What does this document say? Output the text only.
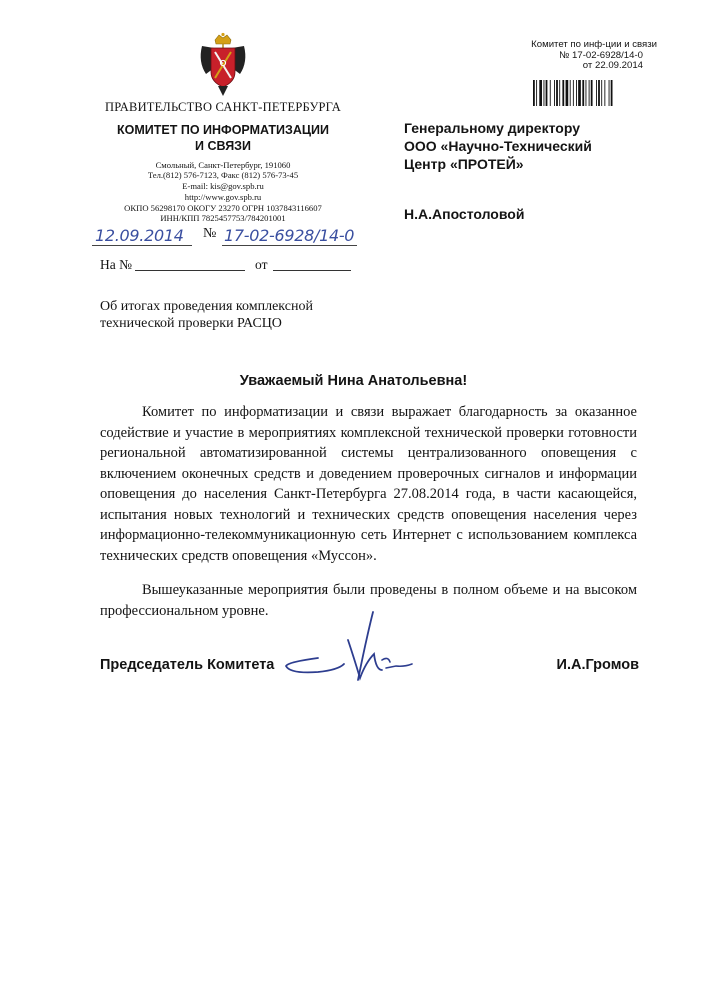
ПРАВИТЕЛЬСТВО САНКТ-ПЕТЕРБУРГА
КОМИТЕТ ПО ИНФОРМАТИЗАЦИИ
И СВЯЗИ
Смольный, Санкт-Петербург, 191060
Тел.(812) 576-7123, Факс (812) 576-73-45
E-mail: kis@gov.spb.ru
http://www.gov.spb.ru
ОКПО 56298170 ОКОГУ 23270 ОГРН 1037843116607
ИНН/КПП 7825457753/784201001
12.09.2014 № 17-02-6928/14-0
На №	от
Об итогах проведения комплексной
технической проверки РАСЦО
Комитет по инф-ции и связи
№ 17-02-6928/14-0
от 22.09.2014
Генеральному директору
ООО «Научно-Технический
Центр «ПРОТЕЙ»
Н.А.Апостоловой
Уважаемый Нина Анатольевна!
Комитет по информатизации и связи выражает благодарность за оказанное содействие и участие в мероприятиях комплексной технической проверки готовности региональной автоматизированной системы централизованного оповещения с включением оконечных средств и доведением проверочных сигналов и информации оповещения до населения Санкт-Петербурга 27.08.2014 года, в части касающейся, испытания новых технологий и технических средств оповещения населения через информационно-телекоммуникационную сеть Интернет с использованием комплекса технических средств оповещения «Муссон».
Вышеуказанные мероприятия были проведены в полном объеме и на высоком профессиональном уровне.
Председатель Комитета	И.А.Громов
